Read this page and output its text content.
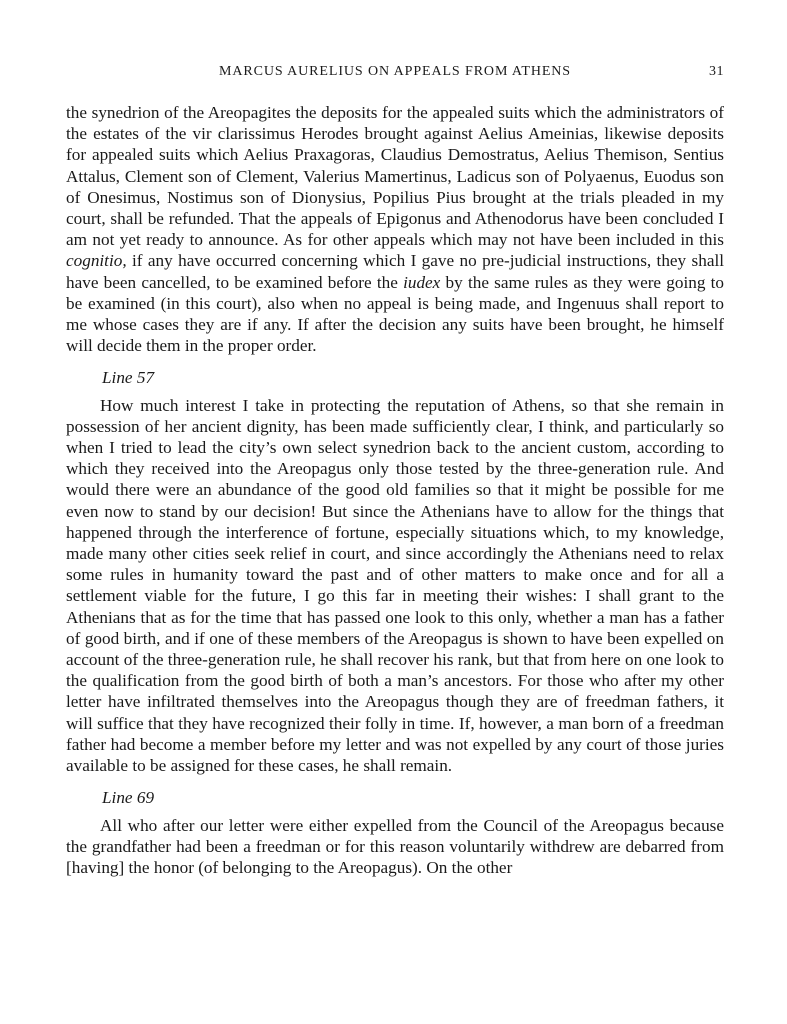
MARCUS AURELIUS ON APPEALS FROM ATHENS	31

the synedrion of the Areopagites the deposits for the appealed suits which the administrators of the estates of the vir clarissimus Herodes brought against Aelius Ameinias, likewise deposits for appealed suits which Aelius Praxagoras, Claudius Demostratus, Aelius Themison, Sentius Attalus, Clement son of Clement, Valerius Mamertinus, Ladicus son of Polyaenus, Euodus son of Onesimus, Nostimus son of Dionysius, Popilius Pius brought at the trials pleaded in my court, shall be refunded. That the appeals of Epigonus and Athenodorus have been concluded I am not yet ready to announce. As for other appeals which may not have been included in this cognitio, if any have occurred concerning which I gave no pre-judicial instructions, they shall have been cancelled, to be examined before the iudex by the same rules as they were going to be examined (in this court), also when no appeal is being made, and Ingenuus shall report to me whose cases they are if any. If after the decision any suits have been brought, he himself will decide them in the proper order.

Line 57

How much interest I take in protecting the reputation of Athens, so that she remain in possession of her ancient dignity, has been made sufficiently clear, I think, and particularly so when I tried to lead the city’s own select synedrion back to the ancient custom, according to which they received into the Areopagus only those tested by the three-generation rule. And would there were an abundance of the good old families so that it might be possible for me even now to stand by our decision! But since the Athenians have to allow for the things that happened through the interference of fortune, especially situations which, to my knowledge, made many other cities seek relief in court, and since accordingly the Athenians need to relax some rules in humanity toward the past and of other matters to make once and for all a settlement viable for the future, I go this far in meeting their wishes: I shall grant to the Athenians that as for the time that has passed one look to this only, whether a man has a father of good birth, and if one of these members of the Areopagus is shown to have been expelled on account of the three-generation rule, he shall recover his rank, but that from here on one look to the qualification from the good birth of both a man’s ancestors. For those who after my other letter have infiltrated themselves into the Areopagus though they are of freedman fathers, it will suffice that they have recognized their folly in time. If, however, a man born of a freedman father had become a member before my letter and was not expelled by any court of those juries available to be assigned for these cases, he shall remain.

Line 69

All who after our letter were either expelled from the Council of the Areopagus because the grandfather had been a freedman or for this reason voluntarily withdrew are debarred from [having] the honor (of belonging to the Areopagus). On the other
